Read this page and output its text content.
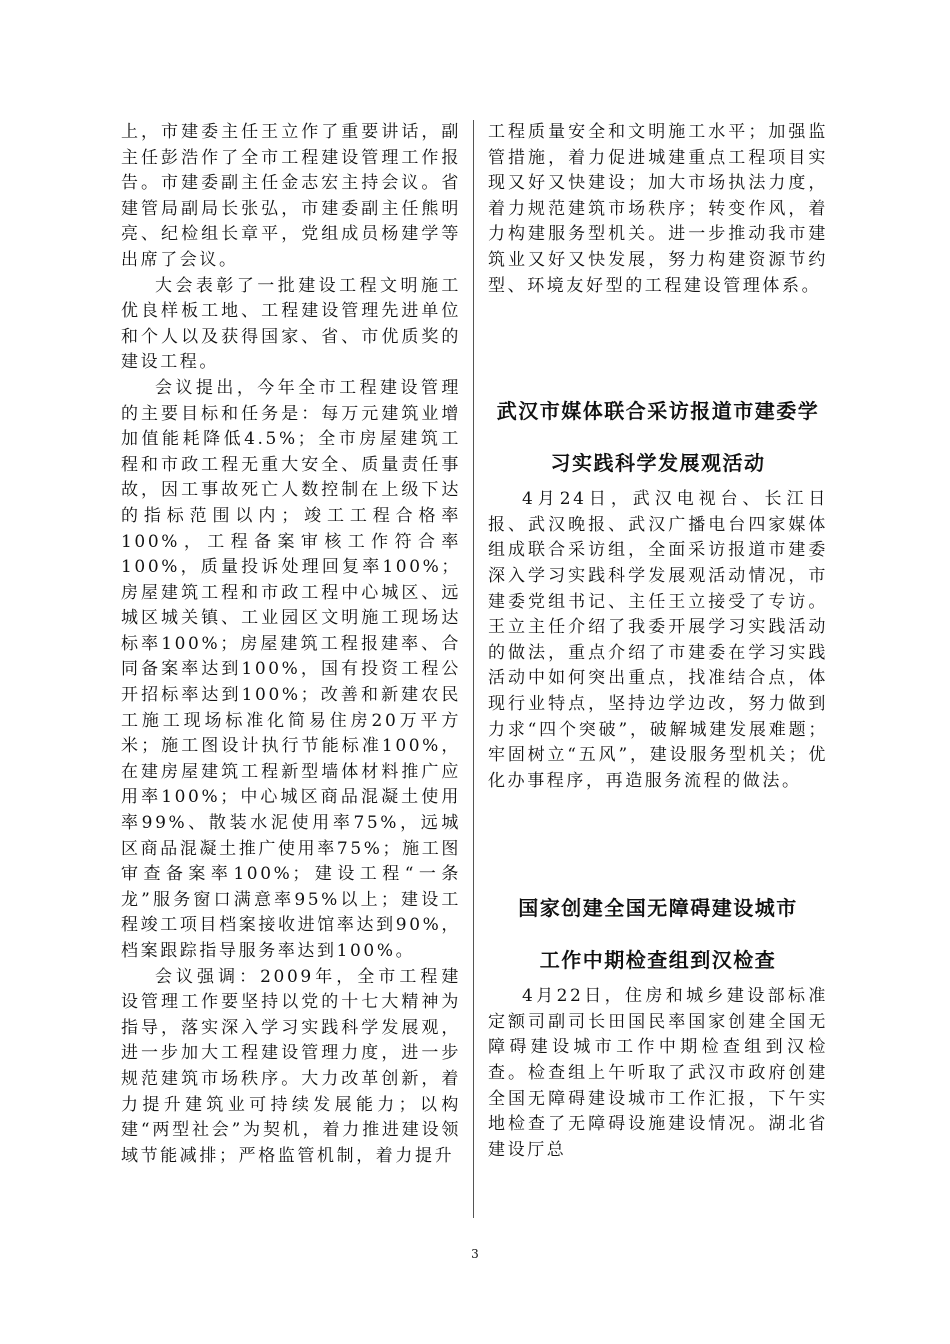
上，市建委主任王立作了重要讲话，副主任彭浩作了全市工程建设管理工作报告。市建委副主任金志宏主持会议。省建管局副局长张弘，市建委副主任熊明亮、纪检组长章平，党组成员杨建学等出席了会议。

大会表彰了一批建设工程文明施工优良样板工地、工程建设管理先进单位和个人以及获得国家、省、市优质奖的建设工程。

会议提出，今年全市工程建设管理的主要目标和任务是：每万元建筑业增加值能耗降低4.5%；全市房屋建筑工程和市政工程无重大安全、质量责任事故，因工事故死亡人数控制在上级下达的指标范围以内；竣工工程合格率100%，工程备案审核工作符合率100%，质量投诉处理回复率100%；房屋建筑工程和市政工程中心城区、远城区城关镇、工业园区文明施工现场达标率100%；房屋建筑工程报建率、合同备案率达到100%，国有投资工程公开招标率达到100%；改善和新建农民工施工现场标准化简易住房20万平方米；施工图设计执行节能标准100%，在建房屋建筑工程新型墙体材料推广应用率100%；中心城区商品混凝土使用率99%、散装水泥使用率75%，远城区商品混凝土推广使用率75%；施工图审查备案率100%；建设工程“一条龙”服务窗口满意率95%以上；建设工程竣工项目档案接收进馆率达到90%，档案跟踪指导服务率达到100%。

会议强调：2009年，全市工程建设管理工作要坚持以党的十七大精神为指导，落实深入学习实践科学发展观，进一步加大工程建设管理力度，进一步规范建筑市场秩序。大力改革创新，着力提升建筑业可持续发展能力；以构建“两型社会”为契机，着力推进建设领域节能减排；严格监管机制，着力提升

工程质量安全和文明施工水平；加强监管措施，着力促进城建重点工程项目实现又好又快建设；加大市场执法力度，着力规范建筑市场秩序；转变作风，着力构建服务型机关。进一步推动我市建筑业又好又快发展，努力构建资源节约型、环境友好型的工程建设管理体系。

武汉市媒体联合采访报道市建委学
习实践科学发展观活动

4月24日，武汉电视台、长江日报、武汉晚报、武汉广播电台四家媒体组成联合采访组，全面采访报道市建委深入学习实践科学发展观活动情况，市建委党组书记、主任王立接受了专访。王立主任介绍了我委开展学习实践活动的做法，重点介绍了市建委在学习实践活动中如何突出重点，找准结合点，体现行业特点，坚持边学边改，努力做到力求“四个突破”，破解城建发展难题；牢固树立“五风”，建设服务型机关；优化办事程序，再造服务流程的做法。

国家创建全国无障碍建设城市
工作中期检查组到汉检查

4月22日，住房和城乡建设部标准定额司副司长田国民率国家创建全国无障碍建设城市工作中期检查组到汉检查。检查组上午听取了武汉市政府创建全国无障碍建设城市工作汇报，下午实地检查了无障碍设施建设情况。湖北省建设厅总

3
